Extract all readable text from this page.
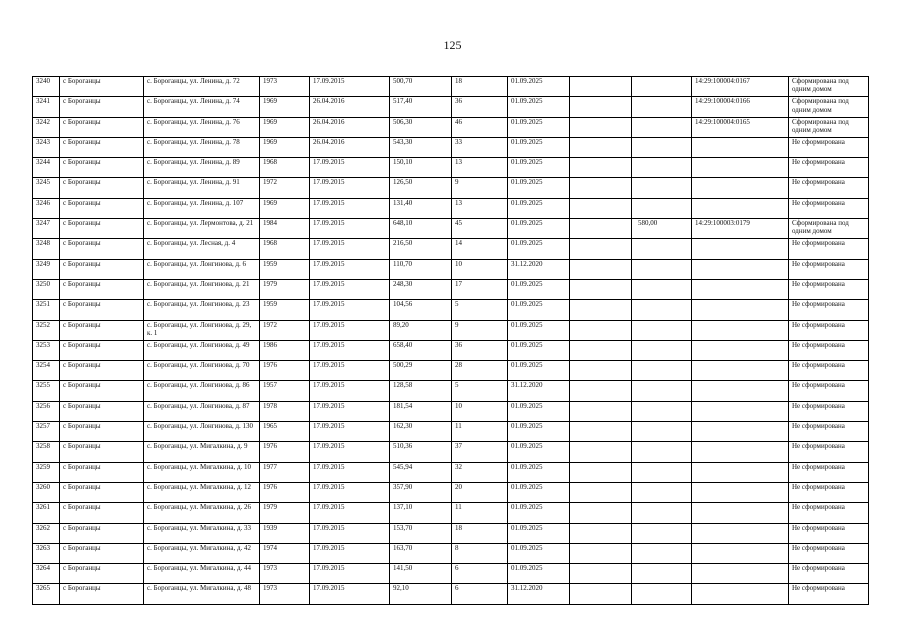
125
3240	с Бороганцы	с. Бороганцы, ул. Ленина, д. 72	1973	17.09.2015	500,70	18	01.09.2025			14:29:100004:0167	Сформирована под одним домом
3241	с Бороганцы	с. Бороганцы, ул. Ленина, д. 74	1969	26.04.2016	517,40	36	01.09.2025			14:29:100004:0166	Сформирована под одним домом
3242	с Бороганцы	с. Бороганцы, ул. Ленина, д. 76	1969	26.04.2016	506,30	46	01.09.2025			14:29:100004:0165	Сформирована под одним домом
3243	с Бороганцы	с. Бороганцы, ул. Ленина, д. 78	1969	26.04.2016	543,30	33	01.09.2025				Не сформирована
3244	с Бороганцы	с. Бороганцы, ул. Ленина, д. 89	1968	17.09.2015	150,10	13	01.09.2025				Не сформирована
3245	с Бороганцы	с. Бороганцы, ул. Ленина, д. 91	1972	17.09.2015	126,50	9	01.09.2025				Не сформирована
3246	с Бороганцы	с. Бороганцы, ул. Ленина, д. 107	1969	17.09.2015	131,40	13	01.09.2025				Не сформирована
3247	с Бороганцы	с. Бороганцы, ул. Лермонтова, д. 21	1984	17.09.2015	648,10	45	01.09.2025		580,00	14:29:100003:0179	Сформирована под одним домом
3248	с Бороганцы	с. Бороганцы, ул. Лесная, д. 4	1968	17.09.2015	216,50	14	01.09.2025				Не сформирована
3249	с Бороганцы	с. Бороганцы, ул. Лонгинова, д. 6	1959	17.09.2015	110,70	10	31.12.2020				Не сформирована
3250	с Бороганцы	с. Бороганцы, ул. Лонгинова, д. 21	1979	17.09.2015	248,30	17	01.09.2025				Не сформирована
3251	с Бороганцы	с. Бороганцы, ул. Лонгинова, д. 23	1959	17.09.2015	104,56	5	01.09.2025				Не сформирована
3252	с Бороганцы	с. Бороганцы, ул. Лонгинова, д. 29, к. 1	1972	17.09.2015	89,20	9	01.09.2025				Не сформирована
3253	с Бороганцы	с. Бороганцы, ул. Лонгинова, д. 49	1986	17.09.2015	658,40	36	01.09.2025				Не сформирована
3254	с Бороганцы	с. Бороганцы, ул. Лонгинова, д. 70	1976	17.09.2015	500,29	28	01.09.2025				Не сформирована
3255	с Бороганцы	с. Бороганцы, ул. Лонгинова, д. 86	1957	17.09.2015	128,58	5	31.12.2020				Не сформирована
3256	с Бороганцы	с. Бороганцы, ул. Лонгинова, д. 87	1978	17.09.2015	181,54	10	01.09.2025				Не сформирована
3257	с Бороганцы	с. Бороганцы, ул. Лонгинова, д. 130	1965	17.09.2015	162,30	11	01.09.2025				Не сформирована
3258	с Бороганцы	с. Бороганцы, ул. Мигалкина, д. 9	1976	17.09.2015	510,36	37	01.09.2025				Не сформирована
3259	с Бороганцы	с. Бороганцы, ул. Мигалкина, д. 10	1977	17.09.2015	545,94	32	01.09.2025				Не сформирована
3260	с Бороганцы	с. Бороганцы, ул. Мигалкина, д. 12	1976	17.09.2015	357,90	20	01.09.2025				Не сформирована
3261	с Бороганцы	с. Бороганцы, ул. Мигалкина, д. 26	1979	17.09.2015	137,10	11	01.09.2025				Не сформирована
3262	с Бороганцы	с. Бороганцы, ул. Мигалкина, д. 33	1939	17.09.2015	153,70	18	01.09.2025				Не сформирована
3263	с Бороганцы	с. Бороганцы, ул. Мигалкина, д. 42	1974	17.09.2015	163,70	8	01.09.2025				Не сформирована
3264	с Бороганцы	с. Бороганцы, ул. Мигалкина, д. 44	1973	17.09.2015	141,50	6	01.09.2025				Не сформирована
3265	с Бороганцы	с. Бороганцы, ул. Мигалкина, д. 48	1973	17.09.2015	92,10	6	31.12.2020				Не сформирована
